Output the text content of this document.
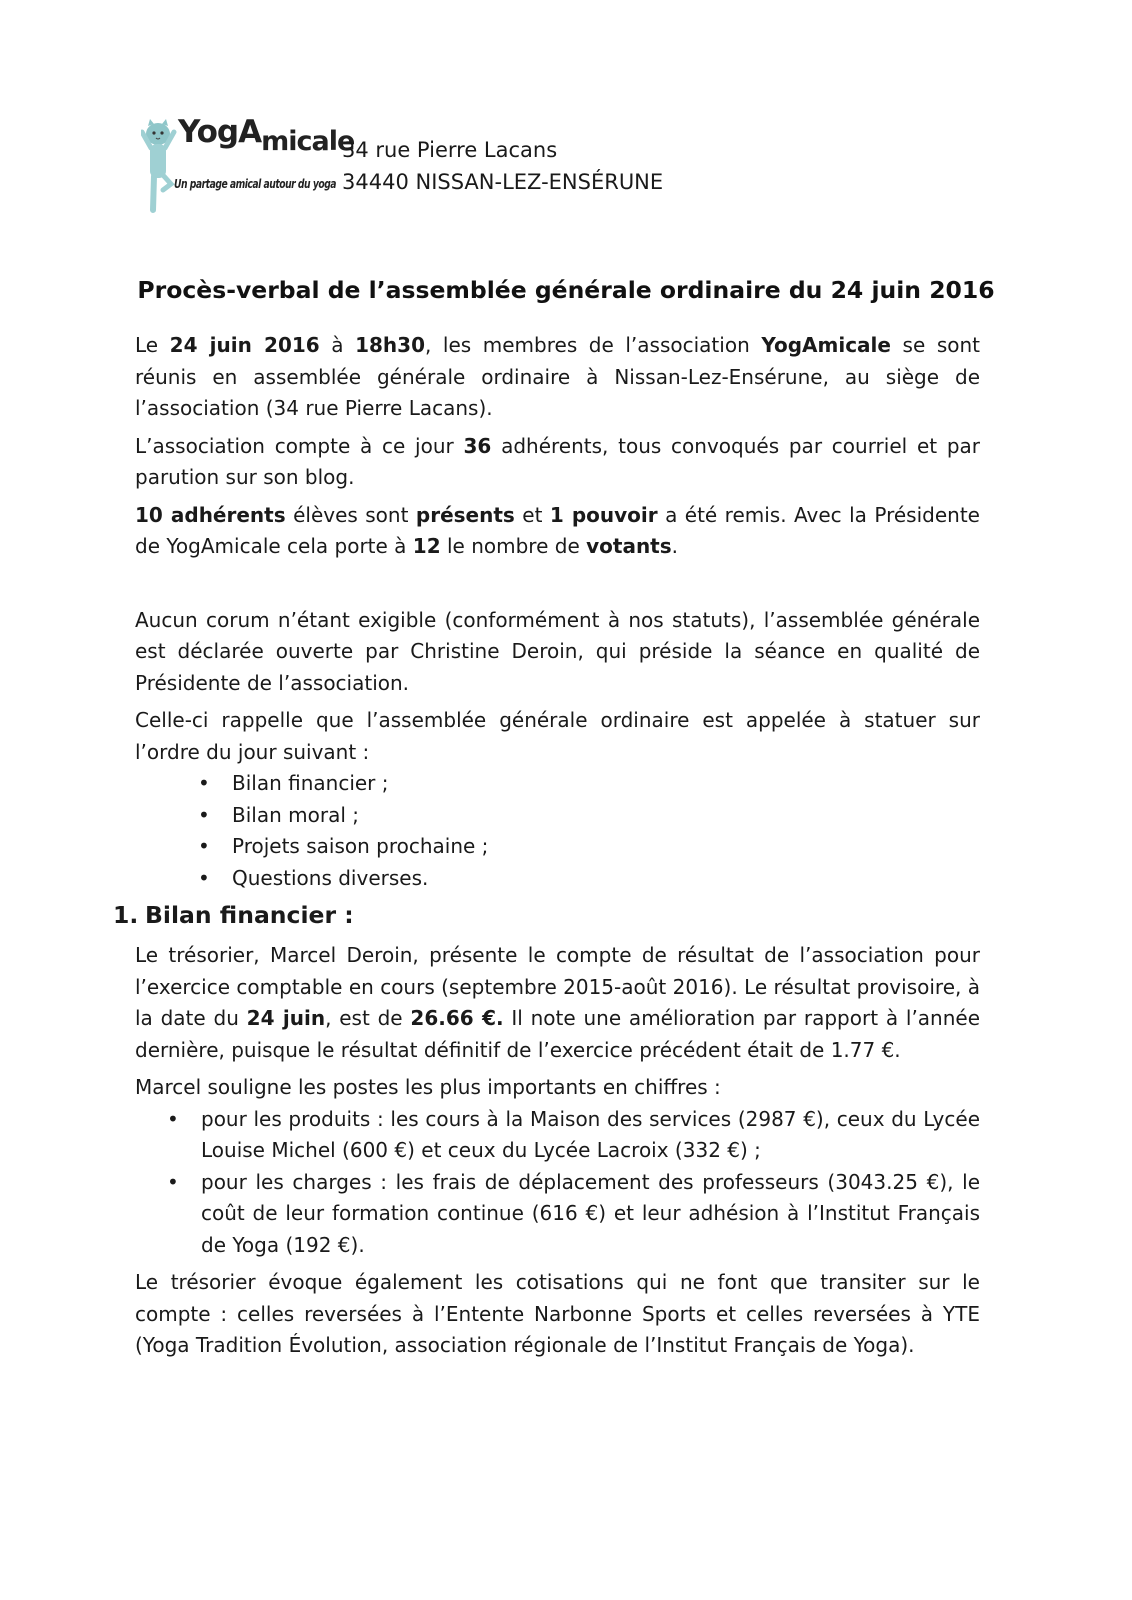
YogAmicale
Un partage amical autour du yoga
34 rue Pierre Lacans
34440 NISSAN-LEZ-ENSÉRUNE
Procès-verbal de l’assemblée générale ordinaire du 24 juin 2016

Le 24 juin 2016 à 18h30, les membres de l’association YogAmicale se sont réunis en assemblée générale ordinaire à Nissan-Lez-Ensérune, au siège de l’association (34 rue Pierre Lacans).

L’association compte à ce jour 36 adhérents, tous convoqués par courriel et par parution sur son blog.

10 adhérents élèves sont présents et 1 pouvoir a été remis. Avec la Présidente de YogAmicale cela porte à 12 le nombre de votants.

Aucun corum n’étant exigible (conformément à nos statuts), l’assemblée générale est déclarée ouverte par Christine Deroin, qui préside la séance en qualité de Présidente de l’association.

Celle-ci rappelle que l’assemblée générale ordinaire est appelée à statuer sur l’ordre du jour suivant :

• Bilan financier ;
• Bilan moral ;
• Projets saison prochaine ;
• Questions diverses.
1. Bilan financier :

Le trésorier, Marcel Deroin, présente le compte de résultat de l’association pour l’exercice comptable en cours (septembre 2015-août 2016). Le résultat provisoire, à la date du 24 juin, est de 26.66 €. Il note une amélioration par rapport à l’année dernière, puisque le résultat définitif de l’exercice précédent était de 1.77 €.

Marcel souligne les postes les plus importants en chiffres :

• pour les produits : les cours à la Maison des services (2987 €), ceux du Lycée Louise Michel (600 €) et ceux du Lycée Lacroix (332 €) ;
• pour les charges : les frais de déplacement des professeurs (3043.25 €), le coût de leur formation continue (616 €) et leur adhésion à l’Institut Français de Yoga (192 €).

Le trésorier évoque également les cotisations qui ne font que transiter sur le compte : celles reversées à l’Entente Narbonne Sports et celles reversées à YTE (Yoga Tradition Évolution, association régionale de l’Institut Français de Yoga).
